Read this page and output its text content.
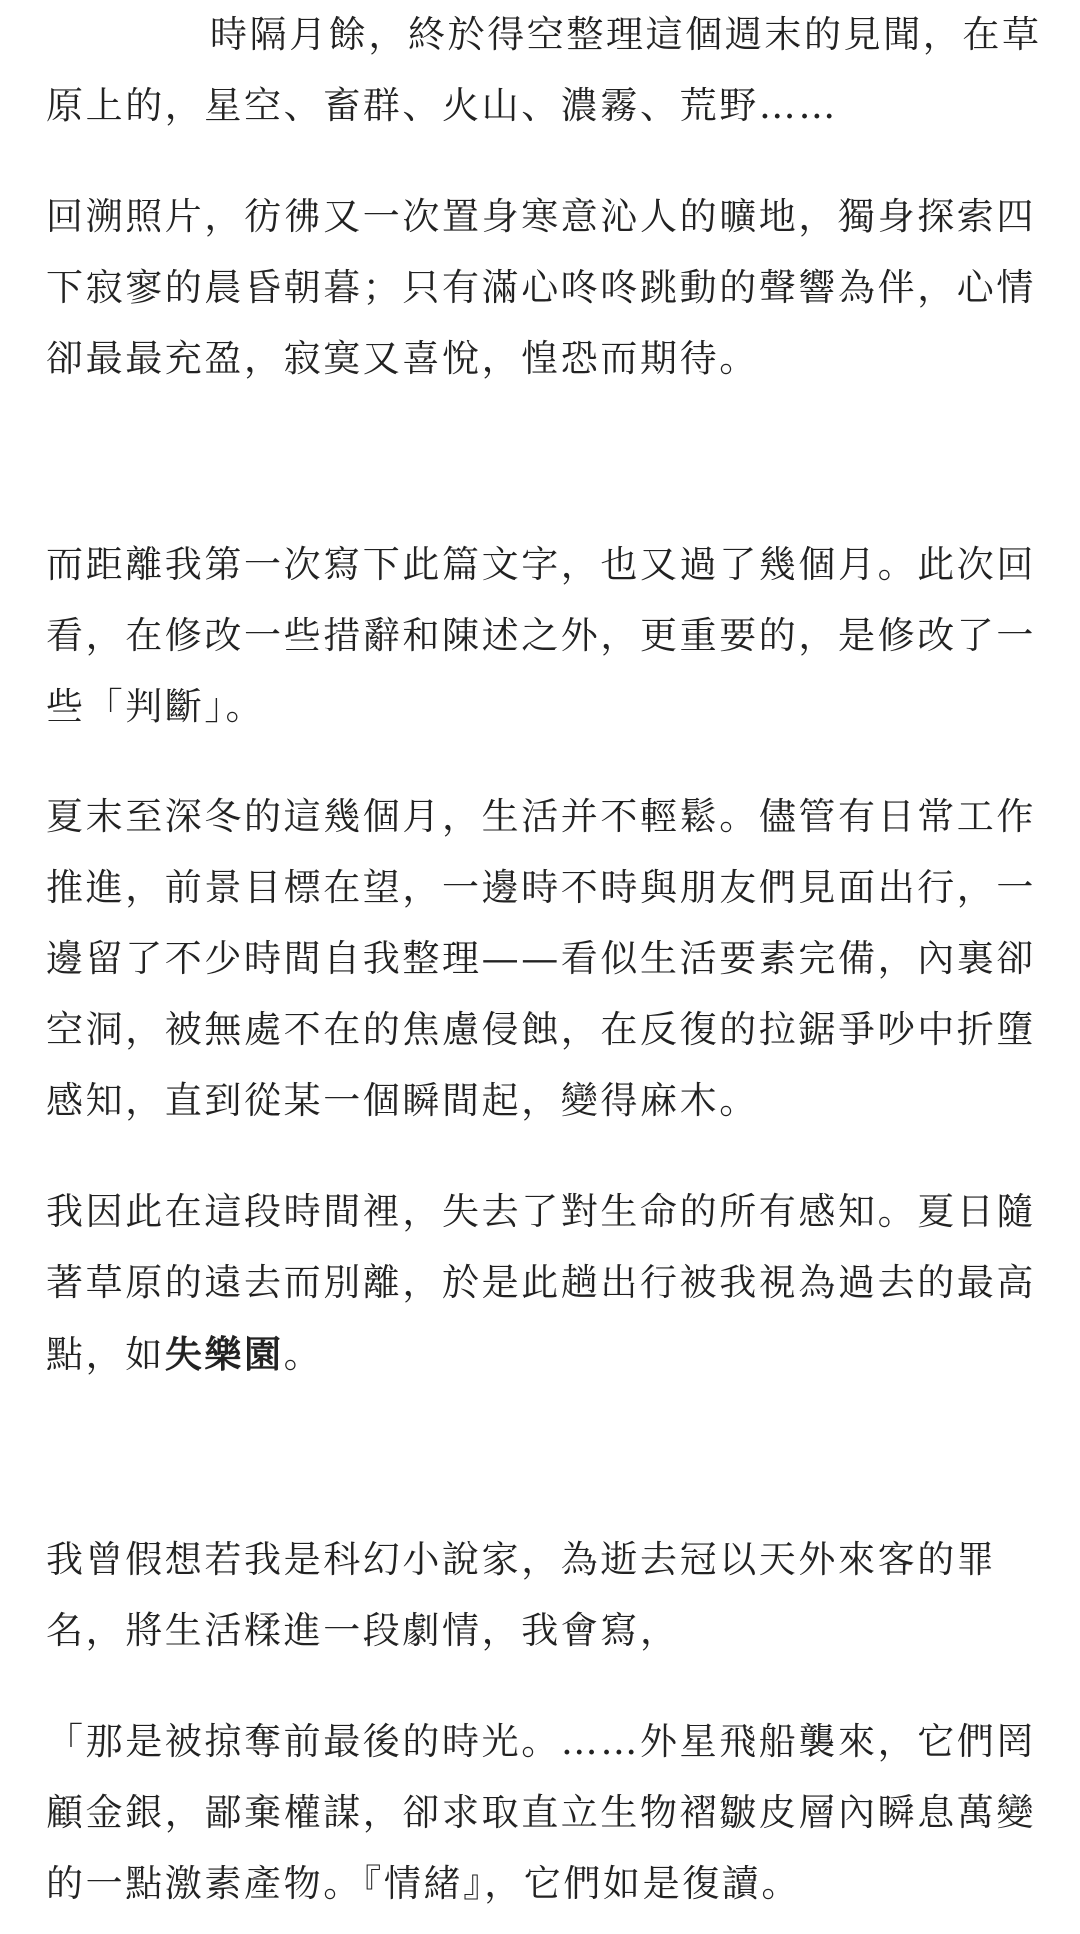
時隔月餘，終於得空整理這個週末的見聞，在草
原上的，星空、畜群、火山、濃霧、荒野……
回溯照片，彷彿又一次置身寒意沁人的曠地，獨身探索四
下寂寥的晨昏朝暮；只有滿心咚咚跳動的聲響為伴，心情
卻最最充盈，寂寞又喜悅，惶恐而期待。
而距離我第一次寫下此篇文字，也又過了幾個月。此次回
看，在修改一些措辭和陳述之外，更重要的，是修改了一
些「判斷」。
夏末至深冬的這幾個月，生活并不輕鬆。儘管有日常工作
推進，前景目標在望，一邊時不時與朋友們見面出行，一
邊留了不少時間自我整理——看似生活要素完備，內裏卻
空洞，被無處不在的焦慮侵蝕，在反復的拉鋸爭吵中折墮
感知，直到從某一個瞬間起，變得麻木。
我因此在這段時間裡，失去了對生命的所有感知。夏日隨
著草原的遠去而別離，於是此趟出行被我視為過去的最高
點，如失樂園。
我曾假想若我是科幻小說家，為逝去冠以天外來客的罪
名，將生活糅進一段劇情，我會寫，
「那是被掠奪前最後的時光。……外星飛船襲來，它們罔
顧金銀，鄙棄權謀，卻求取直立生物褶皺皮層內瞬息萬變
的一點激素產物。『情緒』，它們如是復讀。
